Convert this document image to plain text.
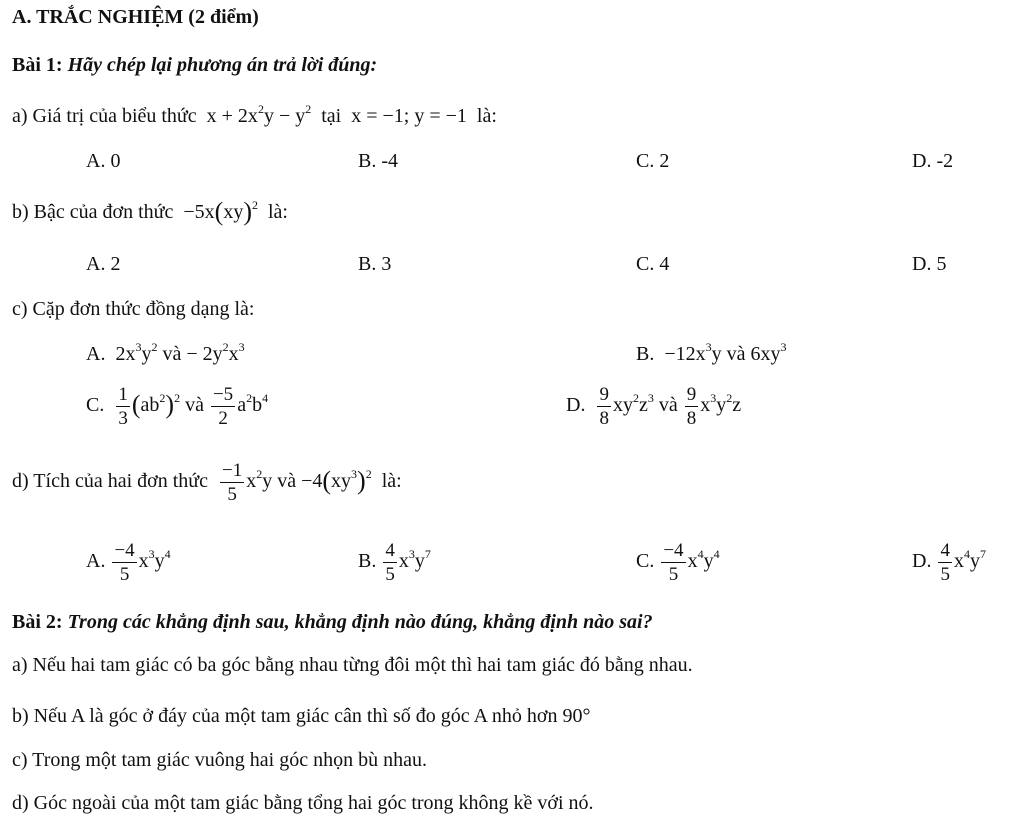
A. TRẮC NGHIỆM (2 điểm)
Bài 1: Hãy chép lại phương án trả lời đúng:
a) Giá trị của biểu thức $x + 2x^2y - y^2$ tại x = −1; y = −1 là:
A. 0	B. -4	C. 2	D. -2
b) Bậc của đơn thức −5x(xy)$^2$ là:
A. 2	B. 3	C. 4	D. 5
c) Cặp đơn thức đồng dạng là:
A. $2x^3y^2$ và − $2y^2x^3$	B. $-12x^3y$ và $6xy^3$
C. $\frac{1}{3} (ab^2)^2$ và $\frac{-5}{2} a^2b^4$	D. $\frac{9}{8} xy^2z^3$ và $\frac{9}{8} x^3y^2z$
d) Tích của hai đơn thức $\frac{-1}{5} x^2y$ và $-4(xy^3)^2$ là:
A. $\frac{-4}{5} x^3y^4$	B. $\frac{4}{5} x^3y^7$	C. $\frac{-4}{5} x^4y^4$	D. $\frac{4}{5} x^4y^7$
Bài 2: Trong các khẳng định sau, khẳng định nào đúng, khẳng định nào sai?
a) Nếu hai tam giác có ba góc bằng nhau từng đôi một thì hai tam giác đó bằng nhau.
b) Nếu A là góc ở đáy của một tam giác cân thì số đo góc A nhỏ hơn 90°
c) Trong một tam giác vuông hai góc nhọn bù nhau.
d) Góc ngoài của một tam giác bằng tổng hai góc trong không kề với nó.
